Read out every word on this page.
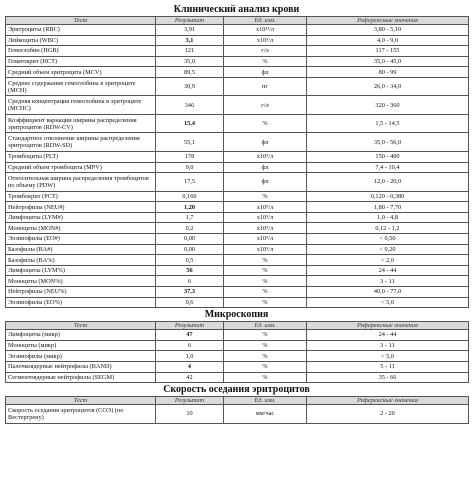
Клинический анализ крови
Тест	Результат	Ед. изм.	Референсные значения
Эритроциты (RBC)	3,91	x10¹²/л	3,80 - 5,10
Лейкоциты (WBC)	3,1	x10⁹/л	4,0 - 9,0
Гемоглобин (HGB)	121	г/л	117 - 155
Гематокрит (HCT)	35,0	%	35,0 - 45,0
Средний объем эритроцита (MCV)	89,5	фл	80 - 99
Среднее содержание гемоглобина в эритроците (MCH)	30,9	пг	26,0 - 34,0
Средняя концентрация гемоглобина в эритроците (MCHC)	346	г/л	320 - 360
Коэффициент вариации ширины распределения эритроцитов (RDW-CV)	15,4	%	1,5 - 14,5
Стандартное отклонение ширины распределения эритроцитов (RDW-SD)	55,1	фл	35,0 - 56,0
Тромбоциты (PLT)	178	x10⁹/л	150 - 400
Средний объем тромбоцита (MPV)	9,0	фл	7,4 - 10,4
Относительная ширина распределения тромбоцитов по объему (PDW)	17,5	фл	12,0 - 20,0
Тромбокрит (PCT)	0,160	%	0,120 - 0,380
Нейтрофилы (NEU#)	1,20	x10⁹/л	1,80 - 7,70
Лимфоциты (LYM#)	1,7	x10⁹/л	1,0 - 4,8
Моноциты (MON#)	0,2	x10⁹/л	0,12 - 1,2
Эозинофилы (EO#)	0,00	x10⁹/л	< 0,50
Базофилы (BA#)	0,00	x10⁹/л	< 0,20
Базофилы (BA%)	0,5	%	< 2,0
Лимфоциты (LYM%)	56	%	24 - 44
Моноциты (MON%)	6	%	3 - 11
Нейтрофилы (NEU%)	37,3	%	40,0 - 77,0
Эозинофилы (EO%)	0,6	%	< 5,0
Микроскопия
Тест	Результат	Ед. изм.	Референсные значения
Лимфоциты (микр)	47	%	24 - 44
Моноциты (микр)	6	%	3 - 11
Эозинофилы (микр)	1,0	%	< 5,0
Палочкоядерные нейтрофилы (BAND)	4	%	5 - 11
Сегментоядерные нейтрофилы (SEGM)	42	%	35 - 66
Скорость оседания эритроцитов
Тест	Результат	Ед. изм.	Референсные значения
Скорость оседания эритроцитов (СОЭ) (по Вестергрену)	10	мм/час	2 - 20
